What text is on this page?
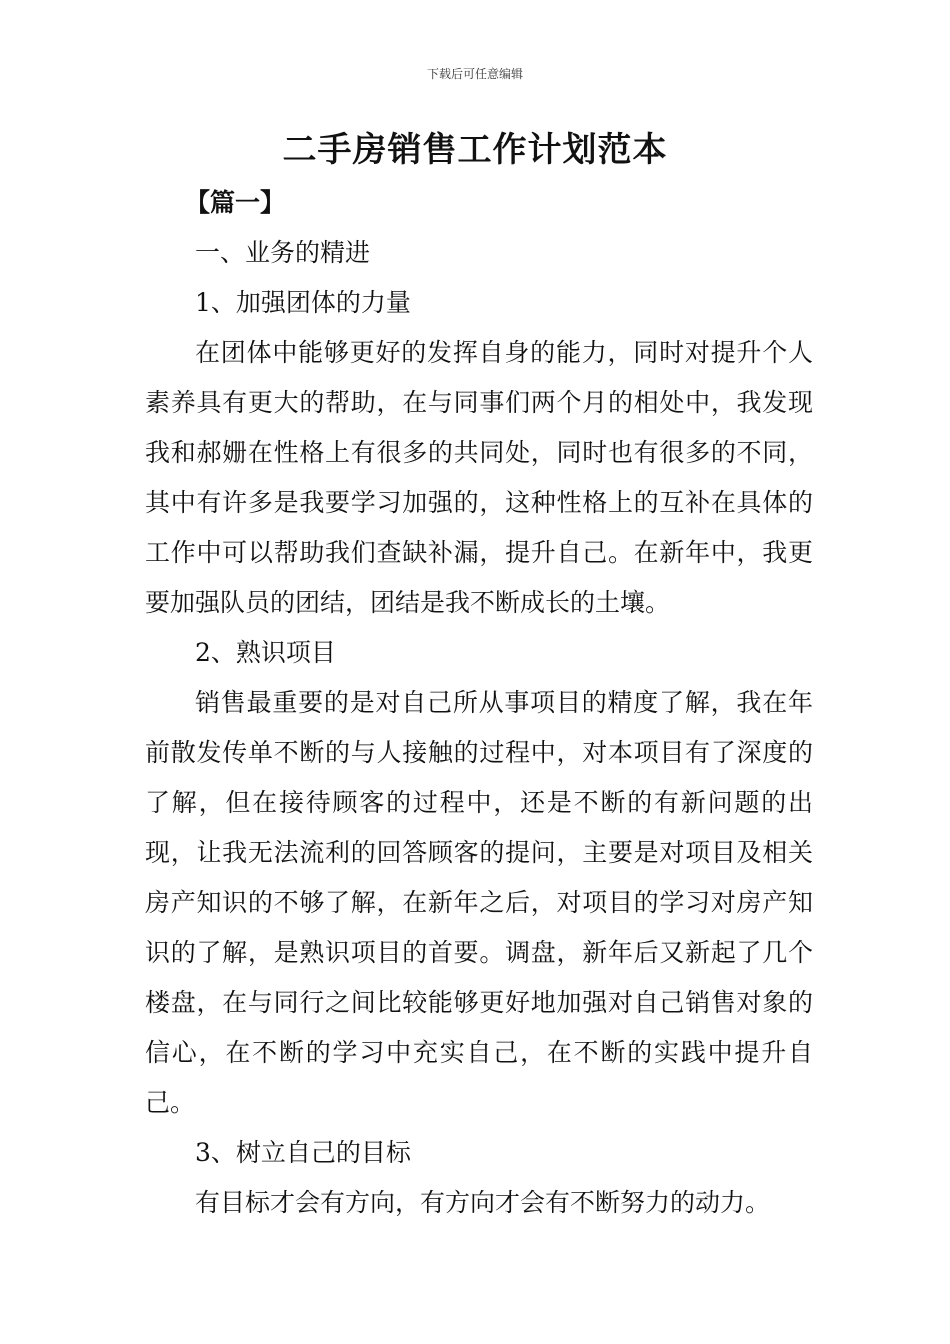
下载后可任意编辑
二手房销售工作计划范本

【篇一】

一、业务的精进

1、加强团体的力量

在团体中能够更好的发挥自身的能力，同时对提升个人素养具有更大的帮助，在与同事们两个月的相处中，我发现我和郝姗在性格上有很多的共同处，同时也有很多的不同，其中有许多是我要学习加强的，这种性格上的互补在具体的工作中可以帮助我们查缺补漏，提升自己。在新年中，我更要加强队员的团结，团结是我不断成长的土壤。

2、熟识项目

销售最重要的是对自己所从事项目的精度了解，我在年前散发传单不断的与人接触的过程中，对本项目有了深度的了解，但在接待顾客的过程中，还是不断的有新问题的出现，让我无法流利的回答顾客的提问，主要是对项目及相关房产知识的不够了解，在新年之后，对项目的学习对房产知识的了解，是熟识项目的首要。调盘，新年后又新起了几个楼盘，在与同行之间比较能够更好地加强对自己销售对象的信心，在不断的学习中充实自己，在不断的实践中提升自己。

3、树立自己的目标

有目标才会有方向，有方向才会有不断努力的动力。
